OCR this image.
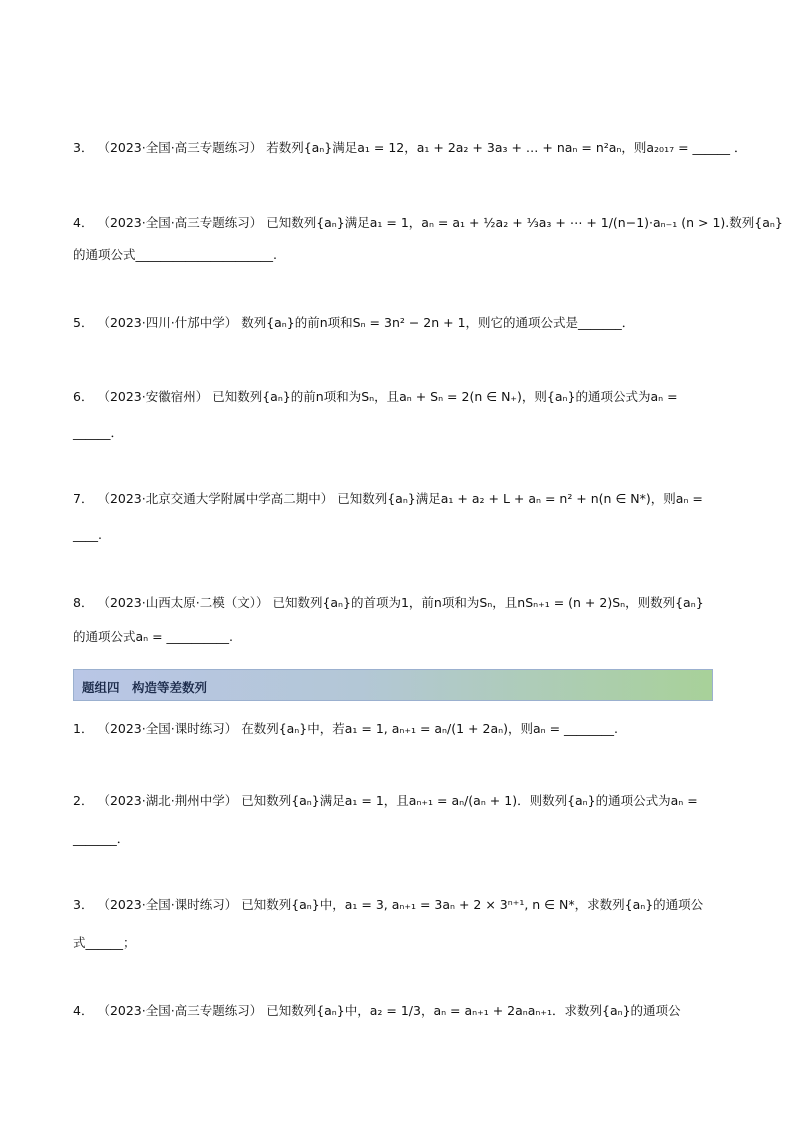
3． （2023·全国·高三专题练习） 若数列{aₙ}满足a₁ = 12，a₁ + 2a₂ + 3a₃ + … + naₙ = n²aₙ，则a₂₀₁₇ = ______ ．
4． （2023·全国·高三专题练习） 已知数列{aₙ}满足a₁ = 1，aₙ = a₁ + ½a₂ + ⅓a₃ + ⋯ + 1/(n−1)·aₙ₋₁ (n > 1).数列{aₙ}
的通项公式______________________.
5． （2023·四川·什邡中学） 数列{aₙ}的前n项和Sₙ = 3n² − 2n + 1，则它的通项公式是_______．
6． （2023·安徽宿州） 已知数列{aₙ}的前n项和为Sₙ，且aₙ + Sₙ = 2(n ∈ N₊)，则{aₙ}的通项公式为aₙ =
______．
7． （2023·北京交通大学附属中学高二期中） 已知数列{aₙ}满足a₁ + a₂ + L + aₙ = n² + n(n ∈ N*)，则aₙ =
____.
8． （2023·山西太原·二模（文）） 已知数列{aₙ}的首项为1，前n项和为Sₙ，且nSₙ₊₁ = (n + 2)Sₙ，则数列{aₙ}
的通项公式aₙ = __________.
题组四　构造等差数列
1． （2023·全国·课时练习） 在数列{aₙ}中，若a₁ = 1, aₙ₊₁ = aₙ/(1 + 2aₙ)，则aₙ = ________.
2． （2023·湖北·荆州中学） 已知数列{aₙ}满足a₁ = 1，且aₙ₊₁ = aₙ/(aₙ + 1)．则数列{aₙ}的通项公式为aₙ =
_______．
3． （2023·全国·课时练习） 已知数列{aₙ}中，a₁ = 3, aₙ₊₁ = 3aₙ + 2 × 3ⁿ⁺¹, n ∈ N*，求数列{aₙ}的通项公
式______；
4． （2023·全国·高三专题练习） 已知数列{aₙ}中，a₂ = 1/3，aₙ = aₙ₊₁ + 2aₙaₙ₊₁．求数列{aₙ}的通项公
